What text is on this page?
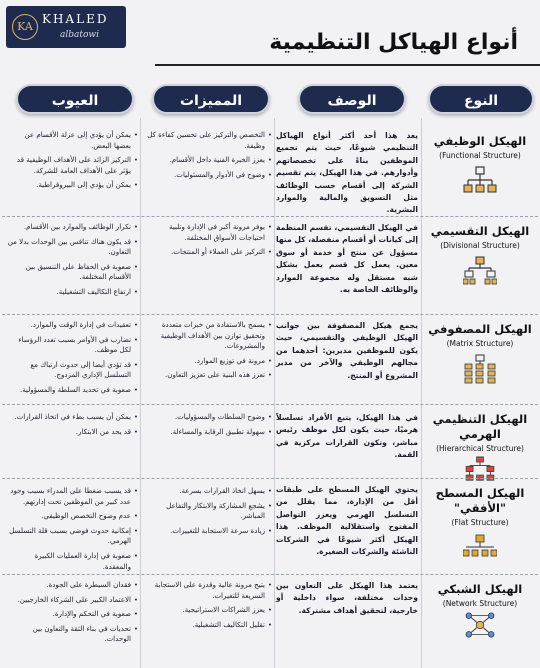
KA
KHALED
albatowi	أنواع الهياكل التنظيمية
النوع
الوصف
المميزات
العيوب
الهيكل الوظيفي
(Functional Structure)
يعد هذا أحد أكثر أنواع الهياكل التنظيمي شيوعًا، حيث يتم تجميع الموظفين بناءً على تخصصاتهم وأدوارهم. في هذا الهيكل، يتم تقسيم الشركة إلى أقسام حسب الوظائف مثل التسويق والمالية والموارد البشرية.
• التخصص والتركيز على تحسين كفاءة كل وظيفة.
• يعزز الخبرة الفنية داخل الأقسام.
• وضوح في الأدوار والمسئوليات.
• يمكن أن يؤدي إلى عزلة الأقسام عن بعضها البعض.
• التركيز الزائد على الأهداف الوظيفية قد يؤثر على الأهداف العامة للشركة.
• يمكن أن يؤدي إلى البيروقراطية.
الهيكل التقسيمي
(Divisional Structure)
في الهيكل التقسيمي، تقسم المنظمة إلى كيانات أو أقسام منفصلة، كل منها مسؤول عن منتج أو خدمة أو سوق معين. يعمل كل قسم يعمل بشكل شبه مستقل وله مجموعة الموارد والوظائف الخاصة به.
• يوفر مرونة أكبر في الإدارة وتلبية احتياجات الأسواق المختلفة.
• التركيز على العملاء أو المنتجات.
• تكرار الوظائف والموارد بين الأقسام.
• قد يكون هناك تنافس بين الوحدات بدلا من التعاون.
• صعوبة في الحفاظ على التنسيق بين الأقسام المختلفة.
• ارتفاع التكاليف التشغيلية.
الهيكل المصفوفي
(Matrix Structure)
يجمع هيكل المصفوفة بين جوانب الهيكل الوظيفي والتقسيمي، حيث يكون للموظفين مديرين: أحدهما من مجالهم الوظيفي والآخر من مدير المشروع أو المنتج.
• يسمح بالاستفادة من خبرات متعددة وتحقيق توازن بين الأهداف الوظيفية والمشروعات.
• مرونة في توزيع الموارد.
• تعزز هذه البنية على تعزيز التعاون.
• تعقيدات في إدارة الوقت والموارد.
• تضارب في الأوامر بسبب تعدد الرؤساء لكل موظف.
• قد تؤدي أيضا إلى حدوث ارتباك مع التسلسل الإداري المزدوج.
• صعوبة في تحديد السلطة والمسؤولية.
الهيكل التنظيمي الهرمي
(Hierarchical Structure)
في هذا الهيكل، يتبع الأفراد تسلسلاً هرميًا، حيث يكون لكل موظف رئيس مباشر، وتكون القرارات مركزية في القمة.
• وضوح السلطات والمسؤوليات.
• سهولة تطبيق الرقابة والمساءلة.
• يمكن أن يسبب بطء في اتخاذ القرارات.
• قد يحد من الابتكار.
الهيكل المسطح "الأفقي"
(Flat Structure)
يحتوي الهيكل المسطح على طبقات أقل من الإدارة، مما يقلل من التسلسل الهرمي ويعزز التواصل المفتوح واستقلالية الموظف. هذا الهيكل أكثر شيوعًا في الشركات الناشئة والشركات الصغيرة.
• يسهل اتخاذ القرارات بسرعة.
• يشجع المشاركة والابتكار والتفاعل المباشر.
• زيادة سرعة الاستجابة للتغييرات.
• قد يسبب ضغطا على المدراء بسبب وجود عدد كبير من الموظفين تحت إدارتهم.
• عدم وضوح التخصص الوظيفي.
• إمكانية حدوث فوضى بسبب قلة التسلسل الهرمي.
• صعوبة في إدارة العمليات الكبيرة والمعقدة.
الهيكل الشبكي
(Network Structure)
يعتمد هذا الهيكل على التعاون بين وحدات مختلفة، سواء داخلية أو خارجية، لتحقيق أهداف مشتركة.
• يتيح مرونة عالية وقدرة على الاستجابة السريعة للتغيرات.
• يعزز الشراكات الاستراتيجية.
• تقليل التكاليف التشغيلية.
• فقدان السيطرة على الجودة.
• الاعتماد الكبير على الشركاء الخارجيين.
• صعوبة في التحكم والإدارة.
• تحديات في بناء الثقة والتعاون بين الوحدات.
